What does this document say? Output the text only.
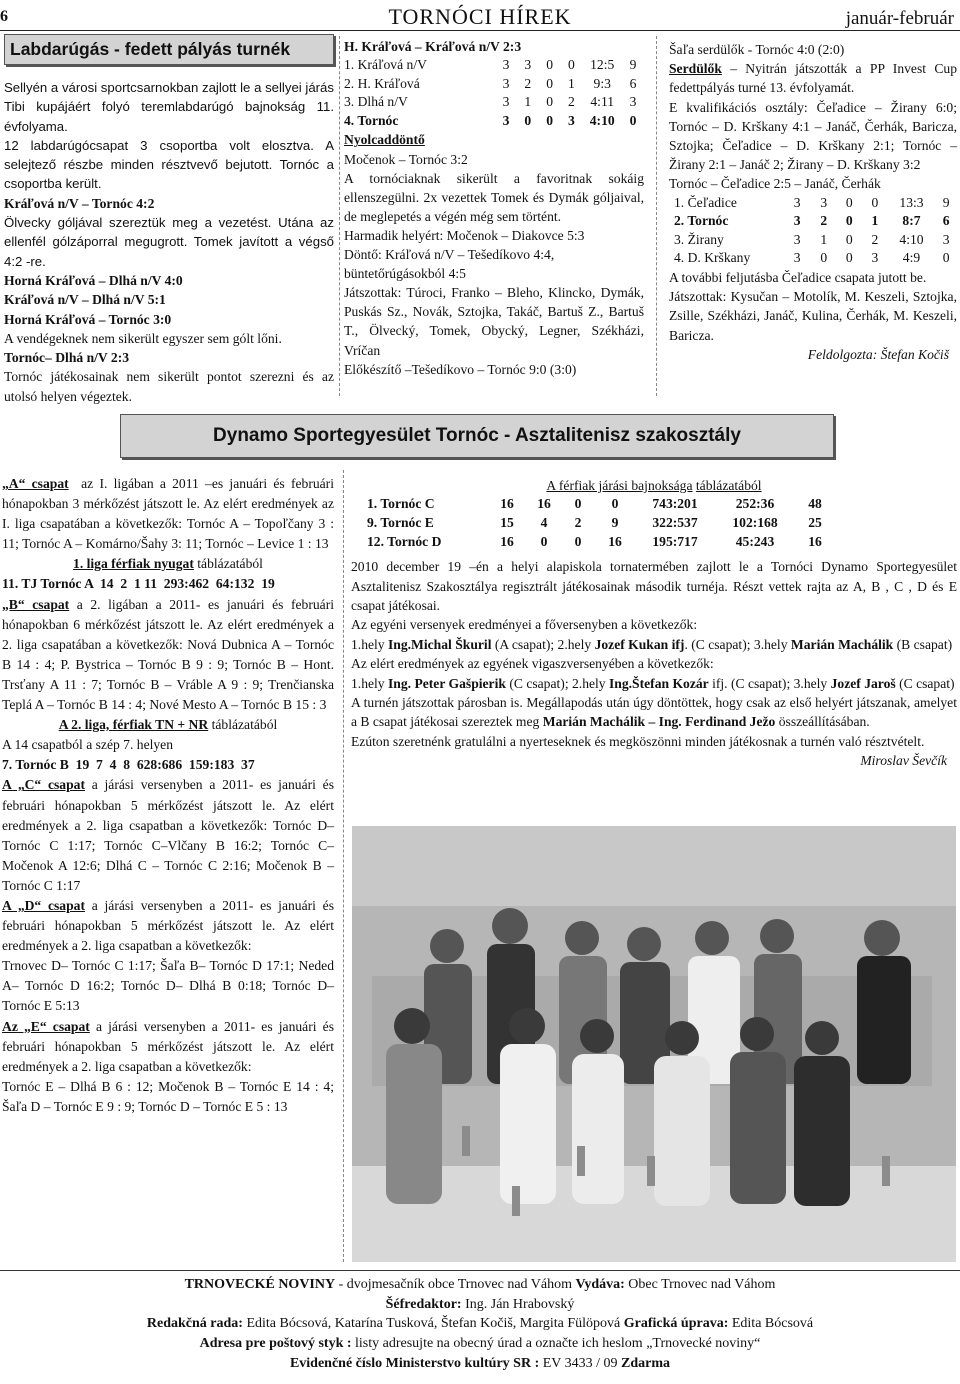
6	TORNÓCI HÍREK	január-február
Labdarúgás - fedett pályás turnék

Sellyén a városi sportcsarnokban zajlott le a sellyei járás Tibi kupájáért folyó teremlabdarúgó bajnokság 11. évfolyama.

12 labdarúgócsapat 3 csoportba volt elosztva. A selejtező részbe minden résztvevő bejutott. Tornóc a csoportba került.

Kráľová n/V – Tornóc 4:2

Ölvecky góljával szereztük meg a vezetést. Utána az ellenfél gólzáporral megugrott. Tomek javított a végső 4:2 -re.

Horná Kráľová – Dlhá n/V 4:0

Kráľová n/V – Dlhá n/V 5:1

Horná Kráľová – Tornóc 3:0

A vendégeknek nem sikerült egyszer sem gólt lőni.

Tornóc– Dlhá n/V 2:3

Tornóc játékosainak nem sikerült pontot szerezni és az utolsó helyen végeztek.

H. Kráľová – Kráľová n/V 2:3

1. Kráľová n/V	3	3	0	0	12:5	9
2. H. Kráľová	3	2	0	1	9:3	6
3. Dlhá n/V	3	1	0	2	4:11	3
4. Tornóc	3	0	0	3	4:10	0

Nyolcaddöntő

Močenok – Tornóc 3:2

A tornóciaknak sikerült a favoritnak sokáig ellenszegülni. 2x vezettek Tomek és Dymák góljaival, de meglepetés a végén még sem történt.

Harmadik helyért: Močenok – Diakovce 5:3

Döntő: Kráľová n/V – Tešedíkovo 4:4, büntetőrúgásokból 4:5

Játszottak: Túroci, Franko – Bleho, Klincko, Dymák, Puskás Sz., Novák, Sztojka, Takáč, Bartuš Z., Bartuš T., Ölvecký, Tomek, Obycký, Legner, Székházi, Vríčan

Előkészítő –Tešedíkovo – Tornóc 9:0 (3:0)

Šaľa serdülők - Tornóc 4:0 (2:0)

Serdülők – Nyitrán játszották a PP Invest Cup fedettpályás turné 13. évfolyamát.

E kvalifikációs osztály: Čeľadice – Žirany 6:0; Tornóc – D. Krškany 4:1 – Janáč, Čerhák, Baricza, Sztojka; Čeľadice – D. Krškany 2:1; Tornóc – Žirany 2:1 – Janáč 2; Žirany – D. Krškany 3:2

Tornóc – Čeľadice 2:5 – Janáč, Čerhák

1. Čeľadice	3	3	0	0	13:3	9
2. Tornóc	3	2	0	1	8:7	6
3. Žirany	3	1	0	2	4:10	3
4. D. Krškany	3	0	0	3	4:9	0

A további feljutásba Čeľadice csapata jutott be.

Játszottak: Kysučan – Motolík, M. Keszeli, Sztojka, Zsille, Székházi, Janáč, Kulina, Čerhák, M. Keszeli, Baricza.

Feldolgozta: Štefan Kočiš

Dynamo Sportegyesület Tornóc - Asztalitenisz szakosztály

„A“ csapat az I. ligában a 2011 –es januári és februári hónapokban 3 mérkőzést játszott le. Az elért eredmények az I. liga csapatában a következők: Tornóc A – Topoľčany 3 : 11; Tornóc A – Komárno/Šahy 3: 11; Tornóc – Levice 1 : 13

1. liga férfiak nyugat táblázatából

11. TJ Tornóc A  14  2  1 11  293:462  64:132  19

„B“ csapat a 2. ligában a 2011- es januári és februári hónapokban 6 mérkőzést játszott le. Az elért eredmények a 2. liga csapatában a következők: Nová Dubnica A – Tornóc B 14 : 4; P. Bystrica – Tornóc B 9 : 9; Tornóc B – Hont. Trsťany A 11 : 7; Tornóc B – Vráble A 9 : 9; Trenčianska Teplá A – Tornóc B 14 : 4; Nové Mesto A – Tornóc B 15 : 3

A 2. liga, férfiak TN + NR táblázatából

A 14 csapatból a szép 7. helyen

7. Tornóc B  19  7  4  8  628:686  159:183  37

A „C“ csapat a járási versenyben a 2011- es januári és februári hónapokban 5 mérkőzést játszott le. Az elért eredmények a 2. liga csapatban a következők: Tornóc D– Tornóc C 1:17; Tornóc C–Vlčany B 16:2; Tornóc C–Močenok A 12:6; Dlhá C – Tornóc C 2:16; Močenok B – Tornóc C 1:17

A „D“ csapat a járási versenyben a 2011- es januári és februári hónapokban 5 mérkőzést játszott le. Az elért eredmények a 2. liga csapatban a következők:

Trnovec D– Tornóc C 1:17; Šaľa B– Tornóc D 17:1; Neded A– Tornóc D 16:2; Tornóc D– Dlhá B 0:18; Tornóc D– Tornóc E 5:13

Az „E“ csapat a járási versenyben a 2011- es januári és februári hónapokban 5 mérkőzést játszott le. Az elért eredmények a 2. liga csapatban a következők:

Tornóc E – Dlhá B 6 : 12; Močenok B – Tornóc E 14 : 4; Šaľa D – Tornóc E 9 : 9; Tornóc D – Tornóc E 5 : 13

A férfiak járási bajnoksága táblázatából

1. Tornóc C	16	16	0	0	743:201	252:36	48
9. Tornóc E	15	4	2	9	322:537	102:168	25
12. Tornóc D	16	0	0	16	195:717	45:243	16

2010 december 19 –én a helyi alapiskola tornatermében zajlott le a Tornóci Dynamo Sportegyesület Asztalitenisz Szakosztálya regisztrált játékosainak második turnéja. Részt vettek rajta az A, B , C , D és E csapat játékosai.

Az egyéni versenyek eredményei a főversenyben a következők:

1.hely Ing.Michal Škuril (A csapat); 2.hely Jozef Kukan ifj. (C csapat); 3.hely Marián Machálik (B csapat)

Az elért eredmények az egyének vigaszversenyében a következők:

1.hely Ing. Peter Gašpierik (C csapat); 2.hely Ing.Štefan Kozár ifj. (C csapat); 3.hely Jozef Jaroš (C csapat)

A turnén játszottak párosban is. Megállapodás után úgy döntöttek, hogy csak az első helyért játszanak, amelyet a B csapat játékosai szereztek meg Marián Machálik – Ing. Ferdinand Ježo összeállításában.

Ezúton szeretnénk gratulálni a nyerteseknek és megköszönni minden játékosnak a turnén való résztvételt.
Miroslav Ševčík

TRNOVECKÉ NOVINY - dvojmesačník obce Trnovec nad Váhom Vydáva: Obec Trnovec nad Váhom
Šéfredaktor: Ing. Ján Hrabovský
Redakčná rada: Edita Bócsová, Katarína Tusková, Štefan Kočiš, Margita Fülöpová Grafická úprava: Edita Bócsová
Adresa pre poštový styk : listy adresujte na obecný úrad a označte ich heslom „Trnovecké noviny“
Evidenčné číslo Ministerstvo kultúry SR : EV 3433 / 09 Zdarma
